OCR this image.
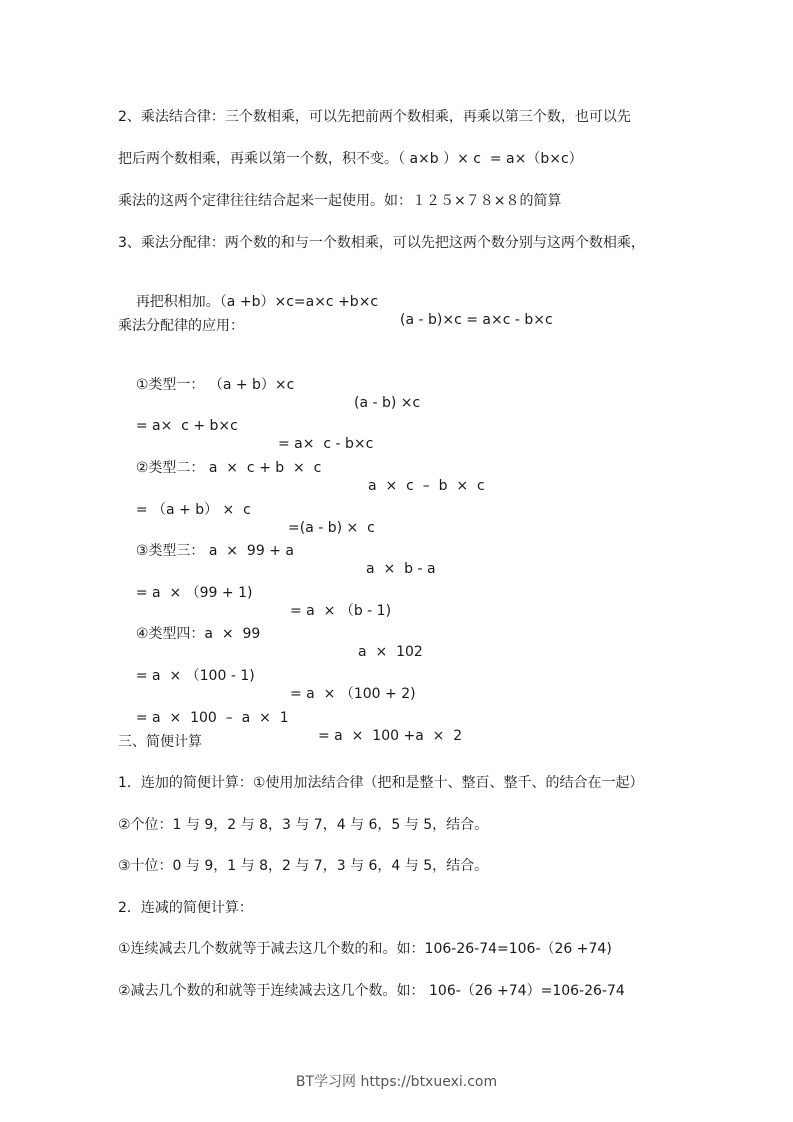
2、乘法结合律：三个数相乘，可以先把前两个数相乘，再乘以第三个数，也可以先
把后两个数相乘，再乘以第一个数，积不变。（ a×b ）× c  = a×（b×c）
乘法的这两个定律往往结合起来一起使用。如：１２５×７８×８的简算
3、乘法分配律：两个数的和与一个数相乘，可以先把这两个数分别与这两个数相乘，

再把积相加。（a +b）×c=a×c +b×c

(a - b)×c = a×c - b×c

乘法分配律的应用：

①类型一： （a + b）×c

(a - b) ×c

= a×  c + b×c

= a×  c - b×c

②类型二： a  ×  c + b  ×  c

a  ×  c  –  b  ×  c

= （a + b） ×  c

=(a - b) ×  c

③类型三： a  ×  99 + a

a  ×  b - a

= a  × （99 + 1)

= a  × （b - 1)

④类型四：a  ×  99

a  ×  102

= a  × （100 - 1)

= a  × （100 + 2)

= a  ×  100  –  a  ×  1

= a  ×  100 +a  ×  2

三、简便计算
1．连加的简便计算：①使用加法结合律（把和是整十、整百、整千、的结合在一起）
②个位：1 与 9，2 与 8，3 与 7，4 与 6，5 与 5，结合。
③十位：0 与 9，1 与 8，2 与 7，3 与 6，4 与 5，结合。
2．连减的简便计算：
①连续减去几个数就等于减去这几个数的和。如：106-26-74=106-（26 +74)
②减去几个数的和就等于连续减去这几个数。如： 106-（26 +74）=106-26-74
BT学习网 https://btxuexi.com
